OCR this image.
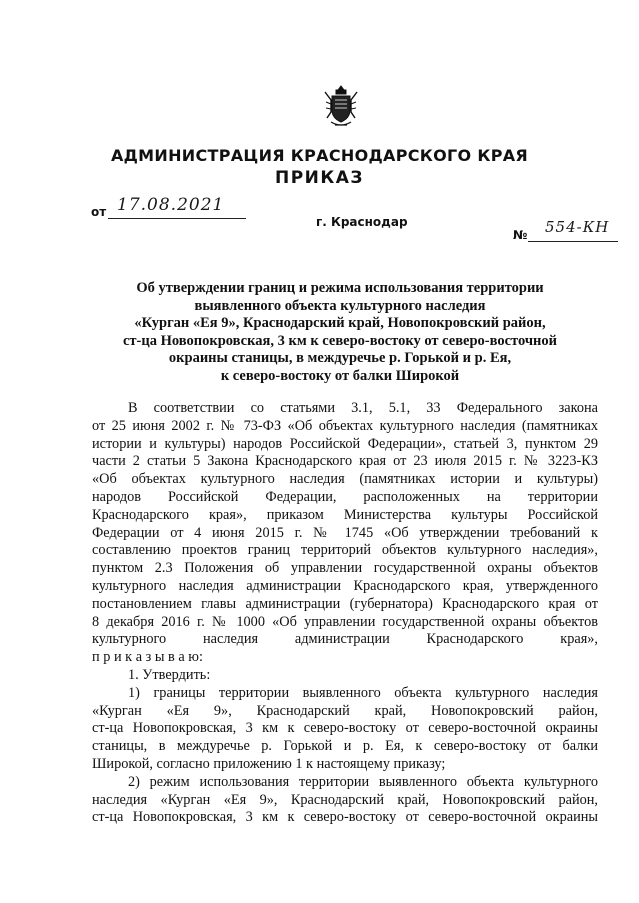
АДМИНИСТРАЦИЯ КРАСНОДАРСКОГО КРАЯ
ПРИКАЗ
от 17.08.2021
г. Краснодар
№ 554-КН
Об утверждении границ и режима использования территории
выявленного объекта культурного наследия
«Курган «Ея 9», Краснодарский край, Новопокровский район,
ст-ца Новопокровская, 3 км к северо-востоку от северо-восточной
окраины станицы, в междуречье р. Горькой и р. Ея,
к северо-востоку от балки Широкой
В соответствии со статьями 3.1, 5.1, 33 Федерального закона
от 25 июня 2002 г. № 73-ФЗ «Об объектах культурного наследия (памятниках
истории и культуры) народов Российской Федерации», статьей 3, пунктом 29
части 2 статьи 5 Закона Краснодарского края от 23 июля 2015 г. № 3223-КЗ
«Об объектах культурного наследия (памятниках истории и культуры)
народов Российской Федерации, расположенных на территории
Краснодарского края», приказом Министерства культуры Российской
Федерации от 4 июня 2015 г. № 1745 «Об утверждении требований к
составлению проектов границ территорий объектов культурного наследия»,
пунктом 2.3 Положения об управлении государственной охраны объектов
культурного наследия администрации Краснодарского края, утвержденного
постановлением главы администрации (губернатора) Краснодарского края от
8 декабря 2016 г. № 1000 «Об управлении государственной охраны объектов
культурного наследия администрации Краснодарского края»,
п р и к а з ы в а ю:
1. Утвердить:
1) границы территории выявленного объекта культурного наследия
«Курган «Ея 9», Краснодарский край, Новопокровский район,
ст-ца Новопокровская, 3 км к северо-востоку от северо-восточной окраины
станицы, в междуречье р. Горькой и р. Ея, к северо-востоку от балки
Широкой, согласно приложению 1 к настоящему приказу;
2) режим использования территории выявленного объекта культурного
наследия «Курган «Ея 9», Краснодарский край, Новопокровский район,
ст-ца Новопокровская, 3 км к северо-востоку от северо-восточной окраины
